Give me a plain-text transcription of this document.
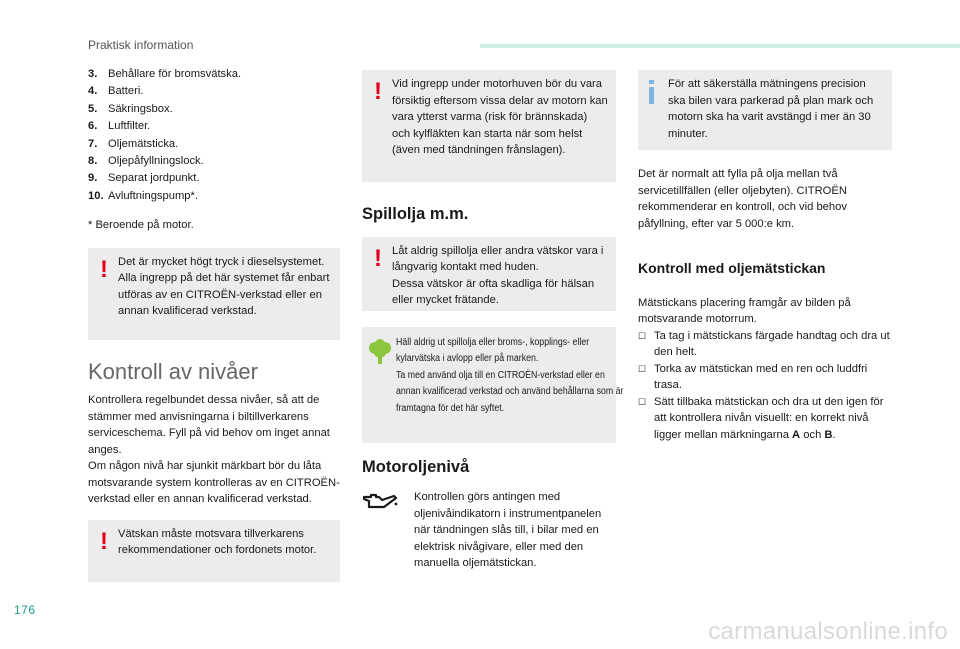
Praktisk information
3. Behållare för bromsvätska.
4. Batteri.
5. Säkringsbox.
6. Luftfilter.
7. Oljemätsticka.
8. Oljepåfyllningslock.
9. Separat jordpunkt.
10. Avluftningspump*.

* Beroende på motor.

! Det är mycket högt tryck i dieselsystemet. Alla ingrepp på det här systemet får enbart utföras av en CITROËN-verkstad eller en annan kvalificerad verkstad.

Kontroll av nivåer

Kontrollera regelbundet dessa nivåer, så att de stämmer med anvisningarna i biltillverkarens serviceschema. Fyll på vid behov om inget annat anges.

Om någon nivå har sjunkit märkbart bör du låta motsvarande system kontrolleras av en CITROËN-verkstad eller en annan kvalificerad verkstad.

! Vätskan måste motsvara tillverkarens rekommendationer och fordonets motor.

! Vid ingrepp under motorhuven bör du vara försiktig eftersom vissa delar av motorn kan vara ytterst varma (risk för brännskada) och kylfläkten kan starta när som helst (även med tändningen frånslagen).

Spillolja m.m.
! Låt aldrig spillolja eller andra vätskor vara i långvarig kontakt med huden.

Dessa vätskor är ofta skadliga för hälsan eller mycket frätande.

Häll aldrig ut spillolja eller broms-, kopplings- eller kylarvätska i avlopp eller på marken.

Ta med använd olja till en CITROËN-verkstad eller en annan kvalificerad verkstad och använd behållarna som är framtagna för det här syftet.

Motoroljenivå

Kontrollen görs antingen med oljenivåindikatorn i instrumentpanelen när tändningen slås till, i bilar med en elektrisk nivågivare, eller med den manuella oljemätstickan.

För att säkerställa mätningens precision ska bilen vara parkerad på plan mark och motorn ska ha varit avstängd i mer än 30 minuter.

Det är normalt att fylla på olja mellan två servicetillfällen (eller oljebyten). CITROËN rekommenderar en kontroll, och vid behov påfyllning, efter var 5 000:e km.

Kontroll med oljemätstickan

Mätstickans placering framgår av bilden på motsvarande motorrum.

☐ Ta tag i mätstickans färgade handtag och dra ut den helt.
☐ Torka av mätstickan med en ren och luddfri trasa.
☐ Sätt tillbaka mätstickan och dra ut den igen för att kontrollera nivån visuellt: en korrekt nivå ligger mellan märkningarna A och B.
176
carmanualsonline.info
